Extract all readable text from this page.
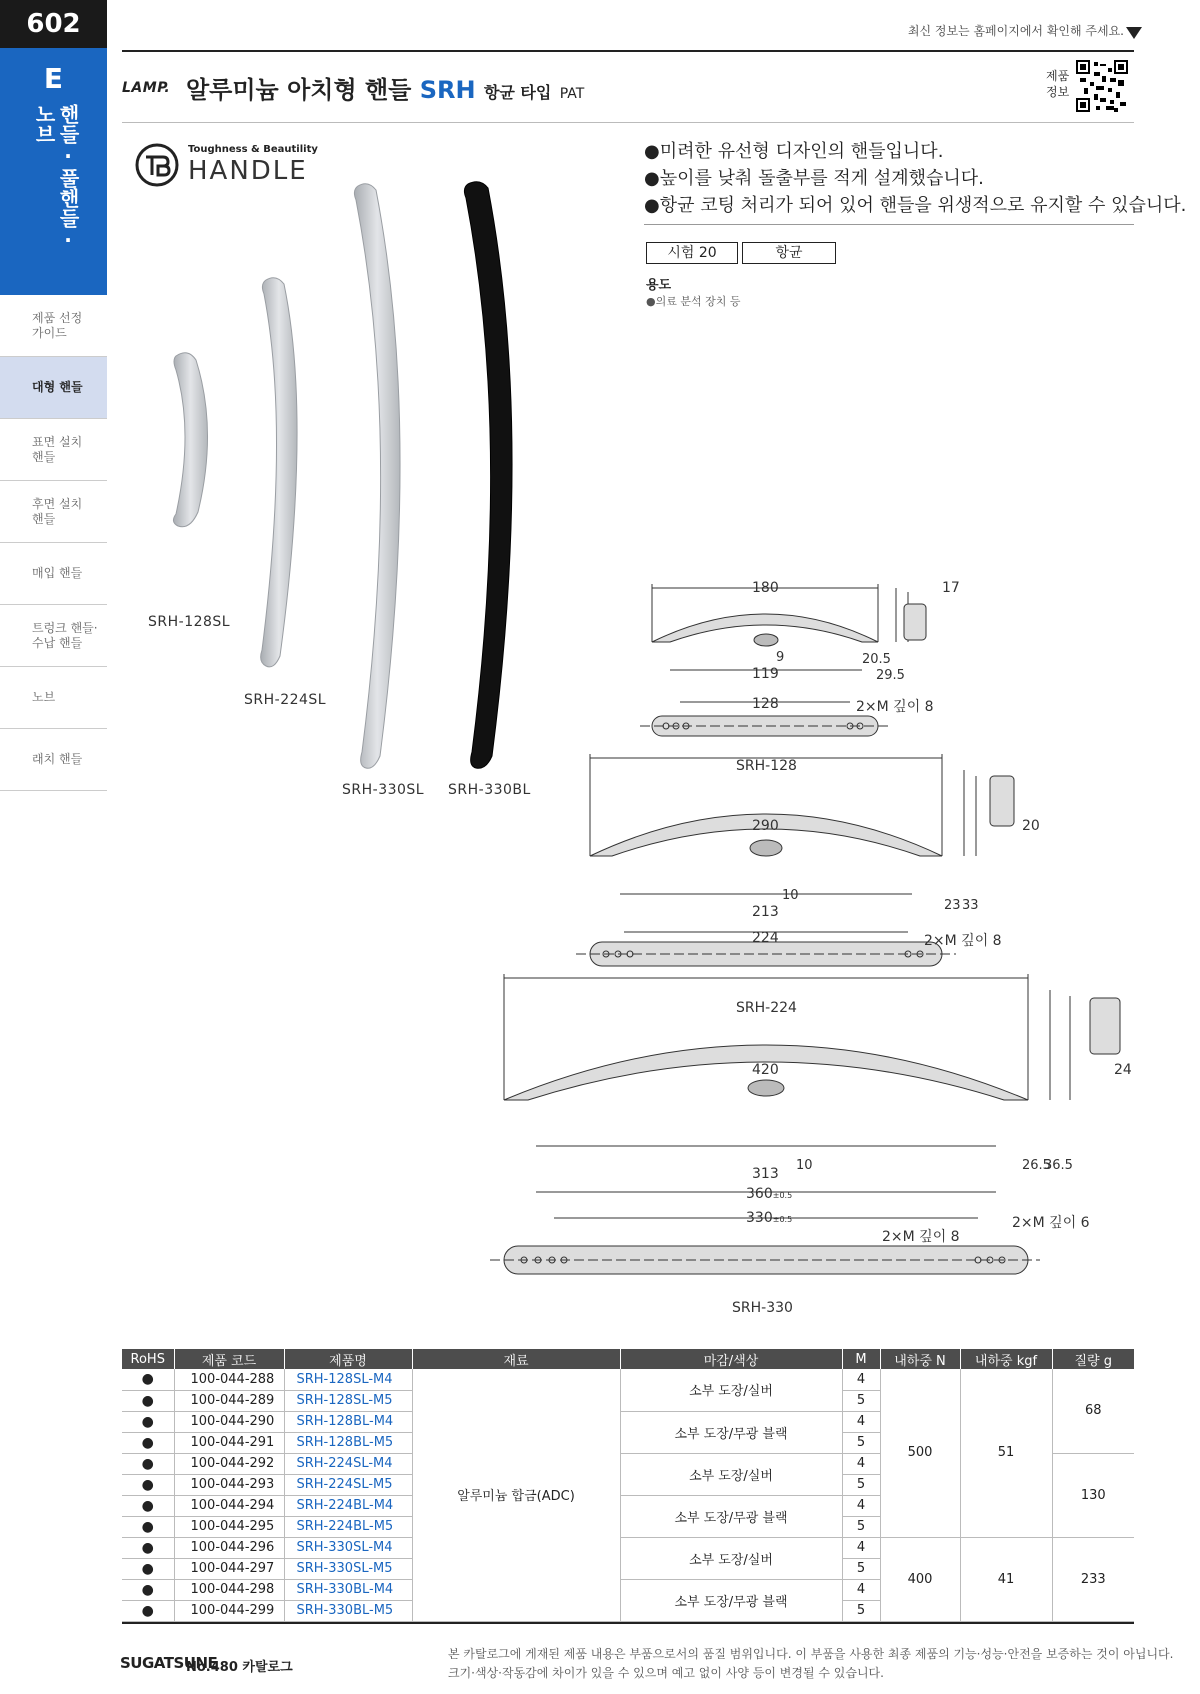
602
E
노브 핸들·풀핸들·
제품 선정
가이드
대형 핸들
표면 설치
핸들
후면 설치
핸들
매입 핸들
트렁크 핸들·
수납 핸들
노브
래치 핸들
최신 정보는 홈페이지에서 확인해 주세요.
LAMP. 알루미늄 아치형 핸들 SRH 항균 타입 PAT
제품
정보
Toughness & Beautility
HANDLE
●미려한 유선형 디자인의 핸들입니다.
●높이를 낮춰 돌출부를 적게 설계했습니다.
●항균 코팅 처리가 되어 있어 핸들을 위생적으로 유지할 수 있습니다.
시험 20	항균
용도
●의료 분석 장치 등
SRH-128SL
SRH-224SL
SRH-330SL SRH-330BL
180	17
119
9	20.5
29.5
128	2×M 깊이 8
SRH-128
290	20
213
10
23 33
224	2×M 깊이 8
SRH-224
420	24
313
10	26.5
36.5
360±0.5
330±0.5
2×M 깊이 8
2×M 깊이 6
SRH-330
RoHS	제품 코드	제품명	재료	마감/색상	M	내하중 N	내하중 kgf	질량 g
●	100-044-288	SRH-128SL-M4	알루미늄 합금(ADC)	소부 도장/실버	4	500	51	68
●	100-044-289	SRH-128SL-M5			5			
●	100-044-290	SRH-128BL-M4		소부 도장/무광 블랙	4			
●	100-044-291	SRH-128BL-M5			5			
●	100-044-292	SRH-224SL-M4		소부 도장/실버	4			130
●	100-044-293	SRH-224SL-M5			5			
●	100-044-294	SRH-224BL-M4		소부 도장/무광 블랙	4			
●	100-044-295	SRH-224BL-M5			5			
●	100-044-296	SRH-330SL-M4		소부 도장/실버	4	400	41	233
●	100-044-297	SRH-330SL-M5			5			
●	100-044-298	SRH-330BL-M4		소부 도장/무광 블랙	4			
●	100-044-299	SRH-330BL-M5			5			
SUGATSUNE
No.480 카탈로그
본 카탈로그에 게재된 제품 내용은 부품으로서의 품질 범위입니다. 이 부품을 사용한 최종 제품의 기능·성능·안전을 보증하는 것이 아닙니다.
크기·색상·작동감에 차이가 있을 수 있으며 예고 없이 사양 등이 변경될 수 있습니다.
